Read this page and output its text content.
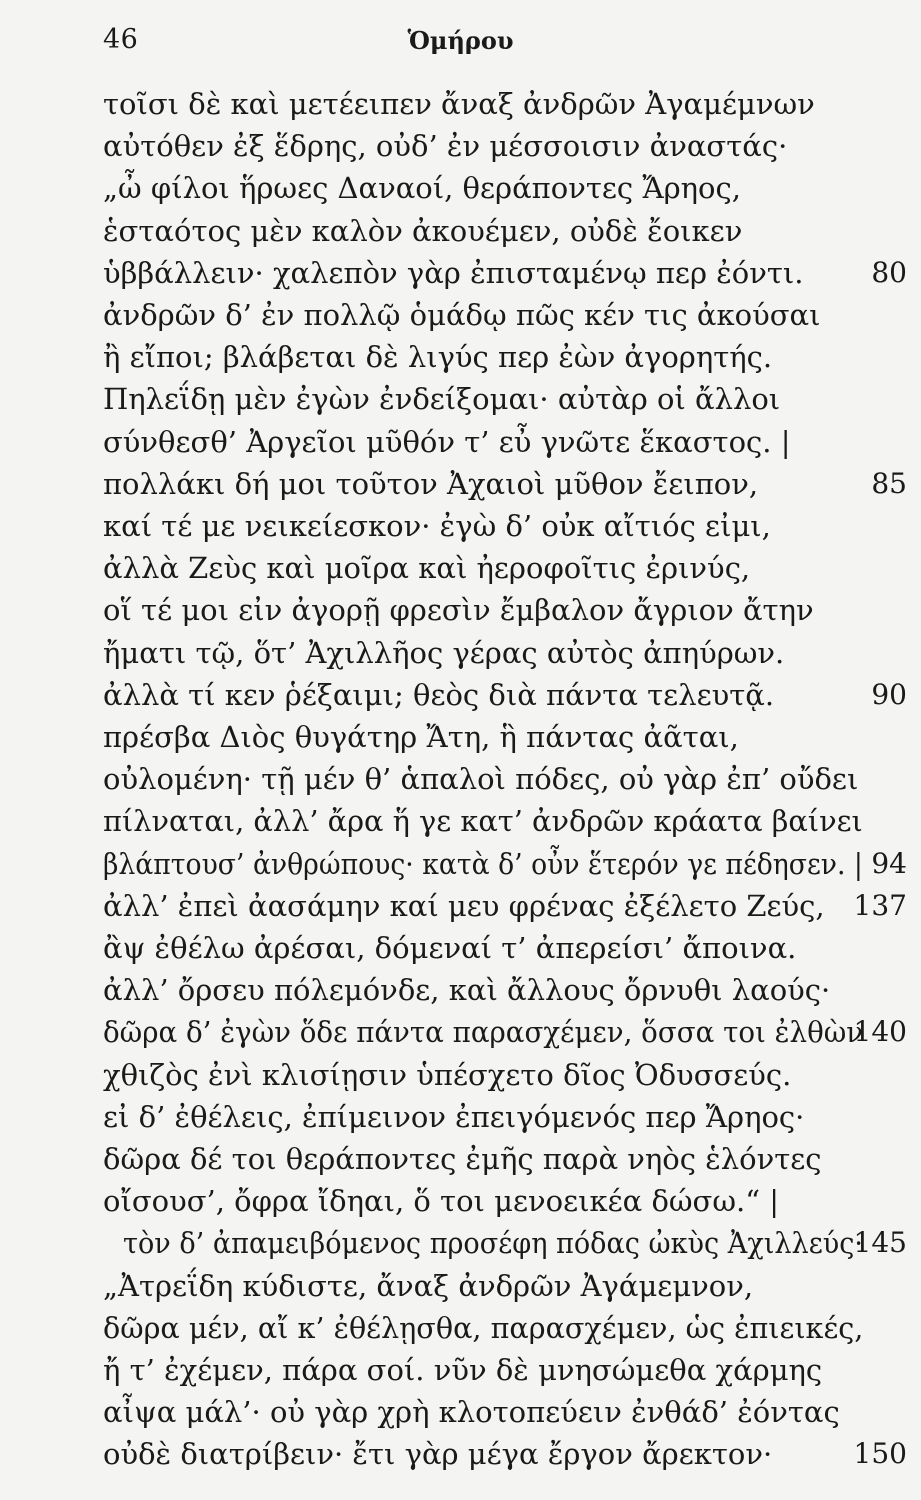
46	Ὁμήρου
τοῖσι δὲ καὶ μετέειπεν ἄναξ ἀνδρῶν Ἀγαμέμνων
αὐτόθεν ἐξ ἕδρης, οὐδ’ ἐν μέσσοισιν ἀναστάς·
„ὦ φίλοι ἥρωες Δαναοί, θεράποντες Ἄρηος,
ἑσταότος μὲν καλὸν ἀκουέμεν, οὐδὲ ἔοικεν
ὑββάλλειν· χαλεπὸν γὰρ ἐπισταμένῳ περ ἐόντι. 80
ἀνδρῶν δ’ ἐν πολλῷ ὁμάδῳ πῶς κέν τις ἀκούσαι
ἢ εἴποι; βλάβεται δὲ λιγύς περ ἐὼν ἀγορητής.
Πηλεΐδῃ μὲν ἐγὼν ἐνδείξομαι· αὐτὰρ οἱ ἄλλοι
σύνθεσθ’ Ἀργεῖοι μῦθόν τ’ εὖ γνῶτε ἕκαστος. |
πολλάκι δή μοι τοῦτον Ἀχαιοὶ μῦθον ἔειπον,	85
καί τέ με νεικείεσκον· ἐγὼ δ’ οὐκ αἴτιός εἰμι,
ἀλλὰ Ζεὺς καὶ μοῖρα καὶ ἠεροφοῖτις ἐρινύς,
οἵ τέ μοι εἰν ἀγορῇ φρεσὶν ἔμβαλον ἄγριον ἄτην
ἤματι τῷ, ὅτ’ Ἀχιλλῆος γέρας αὐτὸς ἀπηύρων.
ἀλλὰ τί κεν ῥέξαιμι; θεὸς διὰ πάντα τελευτᾷ.	90
πρέσβα Διὸς θυγάτηρ Ἄτη, ἣ πάντας ἀᾶται,
οὐλομένη· τῇ μέν θ’ ἁπαλοὶ πόδες, οὐ γὰρ ἐπ’ οὔδει
πίλναται, ἀλλ’ ἄρα ἥ γε κατ’ ἀνδρῶν κράατα βαίνει
βλάπτουσ’ ἀνθρώπους· κατὰ δ’ οὖν ἕτερόν γε πέδησεν. | 94
ἀλλ’ ἐπεὶ ἀασάμην καί μευ φρένας ἐξέλετο Ζεύς, 137
ἂψ ἐθέλω ἀρέσαι, δόμεναί τ’ ἀπερείσι’ ἄποινα.
ἀλλ’ ὄρσευ πόλεμόνδε, καὶ ἄλλους ὄρνυθι λαούς·
δῶρα δ’ ἐγὼν ὅδε πάντα παρασχέμεν, ὅσσα τοι ἐλθὼν
140
χθιζὸς ἐνὶ κλισίῃσιν ὑπέσχετο δῖος Ὀδυσσεύς.
εἰ δ’ ἐθέλεις, ἐπίμεινον ἐπειγόμενός περ Ἄρηος·
δῶρα δέ τοι θεράποντες ἐμῆς παρὰ νηὸς ἑλόντες
οἴσουσ’, ὄφρα ἴδηαι, ὅ τοι μενοεικέα δώσω.“ |
τὸν δ’ ἀπαμειβόμενος προσέφη πόδας ὠκὺς Ἀχιλλεύς·
145
„Ἀτρεΐδη κύδιστε, ἄναξ ἀνδρῶν Ἀγάμεμνον,
δῶρα μέν, αἴ κ’ ἐθέλῃσθα, παρασχέμεν, ὡς ἐπιεικές,
ἤ τ’ ἐχέμεν, πάρα σοί. νῦν δὲ μνησώμεθα χάρμης
αἶψα μάλ’· οὐ γὰρ χρὴ κλοτοπεύειν ἐνθάδ’ ἐόντας
οὐδὲ διατρίβειν· ἔτι γὰρ μέγα ἔργον ἄρεκτον·	150
